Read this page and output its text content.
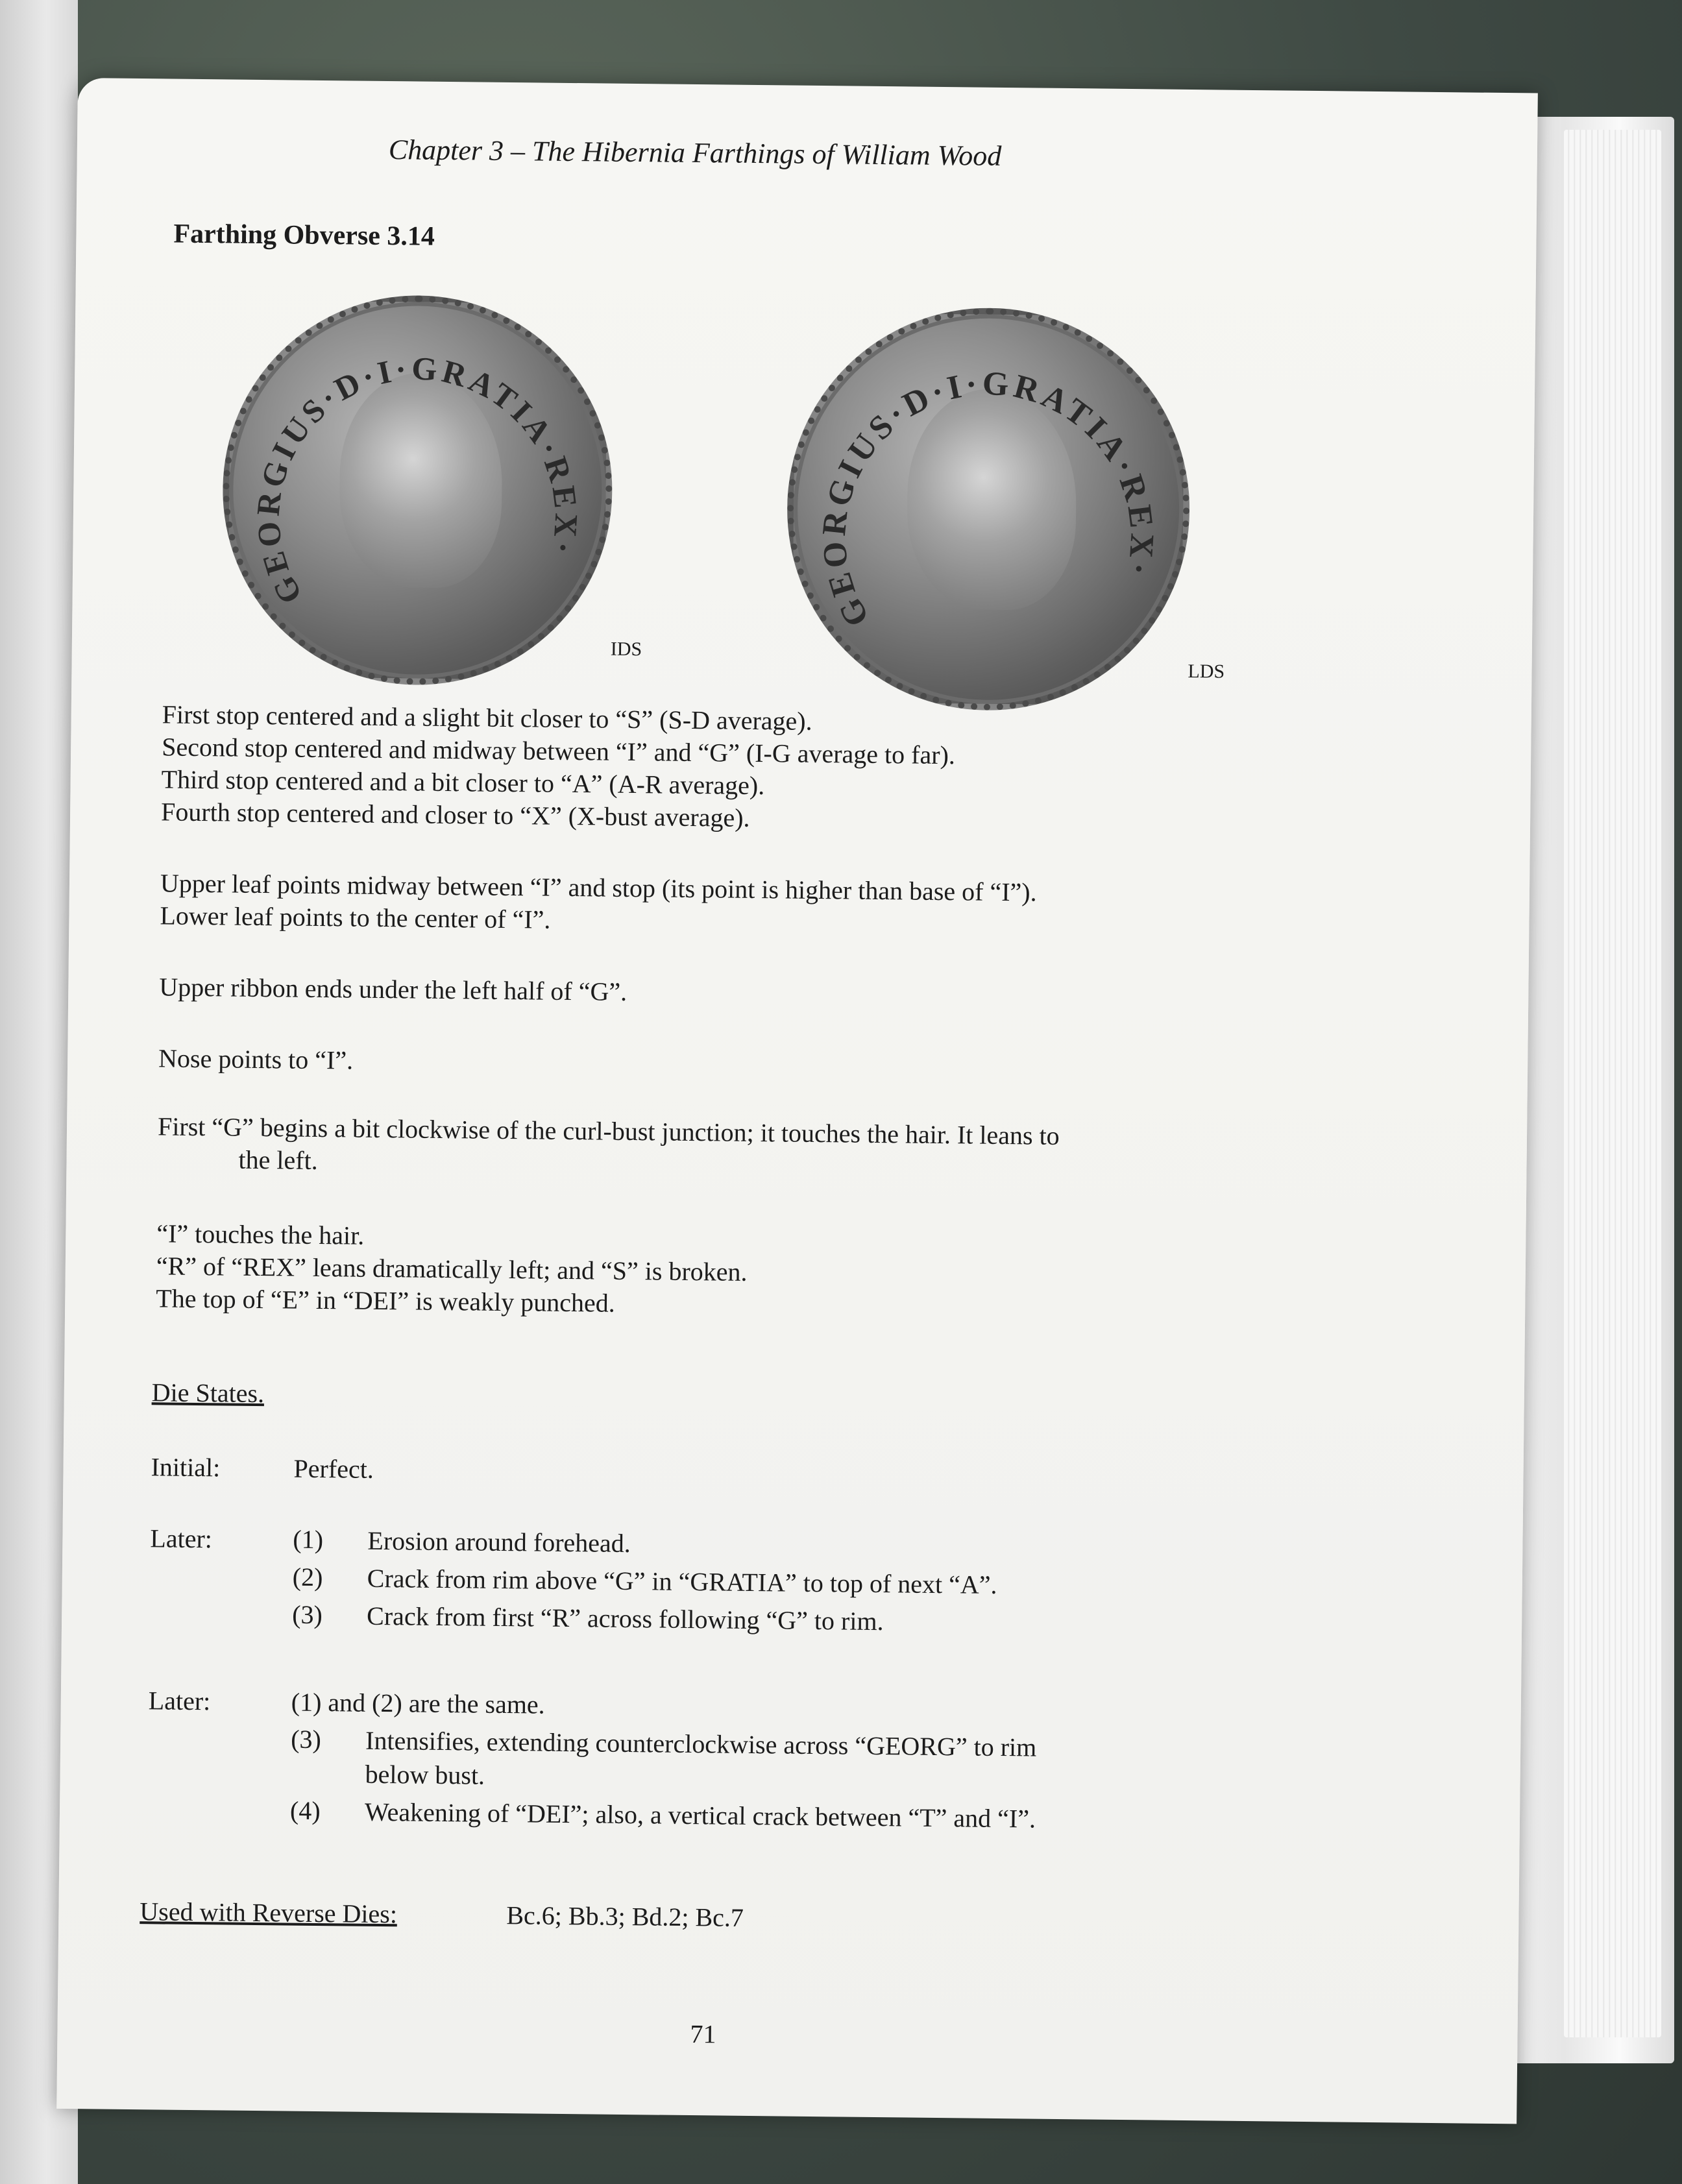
Chapter 3 – The Hibernia Farthings of William Wood
Farthing Obverse 3.14
GEORGIUS·D·I·GRATIA·REX·
IDS
GEORGIUS·D·I·GRATIA·REX·
LDS
First stop centered and a slight bit closer to “S” (S-D average).
Second stop centered and midway between “I” and “G” (I-G average to far).
Third stop centered and a bit closer to “A” (A-R average).
Fourth stop centered and closer to “X” (X-bust average).
Upper leaf points midway between “I” and stop (its point is higher than base of “I”).
Lower leaf points to the center of “I”.
Upper ribbon ends under the left half of “G”.
Nose points to “I”.
First “G” begins a bit clockwise of the curl-bust junction; it touches the hair. It leans to
the left.
“I” touches the hair.
“R” of “REX” leans dramatically left; and “S” is broken.
The top of “E” in “DEI” is weakly punched.
Die States.
Initial:	Perfect.
Later:	(1) Erosion around forehead.
(2) Crack from rim above “G” in “GRATIA” to top of next “A”.
(3) Crack from first “R” across following “G” to rim.
Later:	(1) and (2) are the same.
(3) Intensifies, extending counterclockwise across “GEORG” to rim
below bust.
(4) Weakening of “DEI”; also, a vertical crack between “T” and “I”.
Used with Reverse Dies:	Bc.6; Bb.3; Bd.2; Bc.7
71
